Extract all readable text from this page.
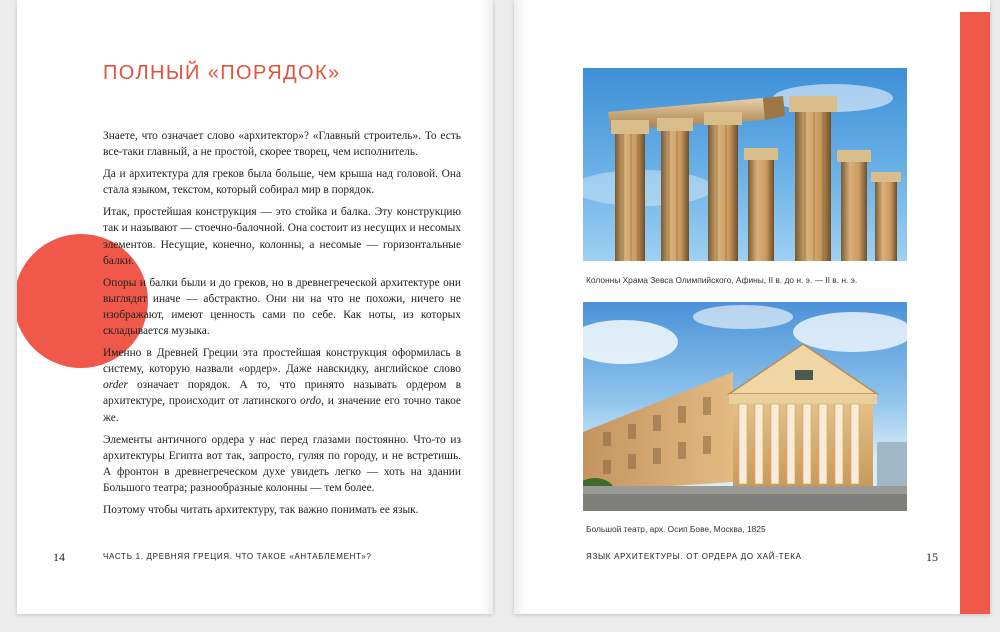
ПОЛНЫЙ «ПОРЯДОК»

Знаете, что означает слово «архитектор»? «Главный строитель». То есть все-таки главный, а не простой, скорее творец, чем исполнитель.

Да и архитектура для греков была больше, чем крыша над головой. Она стала языком, текстом, который собирал мир в порядок.

Итак, простейшая конструкция — это стойка и балка. Эту конструкцию так и называют — стоечно-балочной. Она состоит из несущих и несомых элементов. Несущие, конечно, колонны, а несомые — горизонтальные балки.

Опоры и балки были и до греков, но в древнегреческой архитектуре они выглядят иначе — абстрактно. Они ни на что не похожи, ничего не изображают, имеют ценность сами по себе. Как ноты, из которых складывается музыка.

Именно в Древней Греции эта простейшая конструкция оформилась в систему, которую назвали «ордер». Даже навскидку, английское слово order означает порядок. А то, что принято называть ордером в архитектуре, происходит от латинского ordo, и значение его точно такое же.

Элементы античного ордера у нас перед глазами постоянно. Что-то из архитектуры Египта вот так, запросто, гуляя по городу, и не встретишь. А фронтон в древнегреческом духе увидеть легко — хоть на здании Большого театра; разнообразные колонны — тем более.

Поэтому чтобы читать архитектуру, так важно понимать ее язык.

14	ЧАСТЬ 1. ДРЕВНЯЯ ГРЕЦИЯ. ЧТО ТАКОЕ «АНТАБЛЕМЕНТ»?
Колонны Храма Зевса Олимпийского, Афины, II в. до н. э. — II в. н. э.
Большой театр, арх. Осип Бове, Москва, 1825
ЯЗЫК АРХИТЕКТУРЫ. ОТ ОРДЕРА ДО ХАЙ-ТЕКА	15
